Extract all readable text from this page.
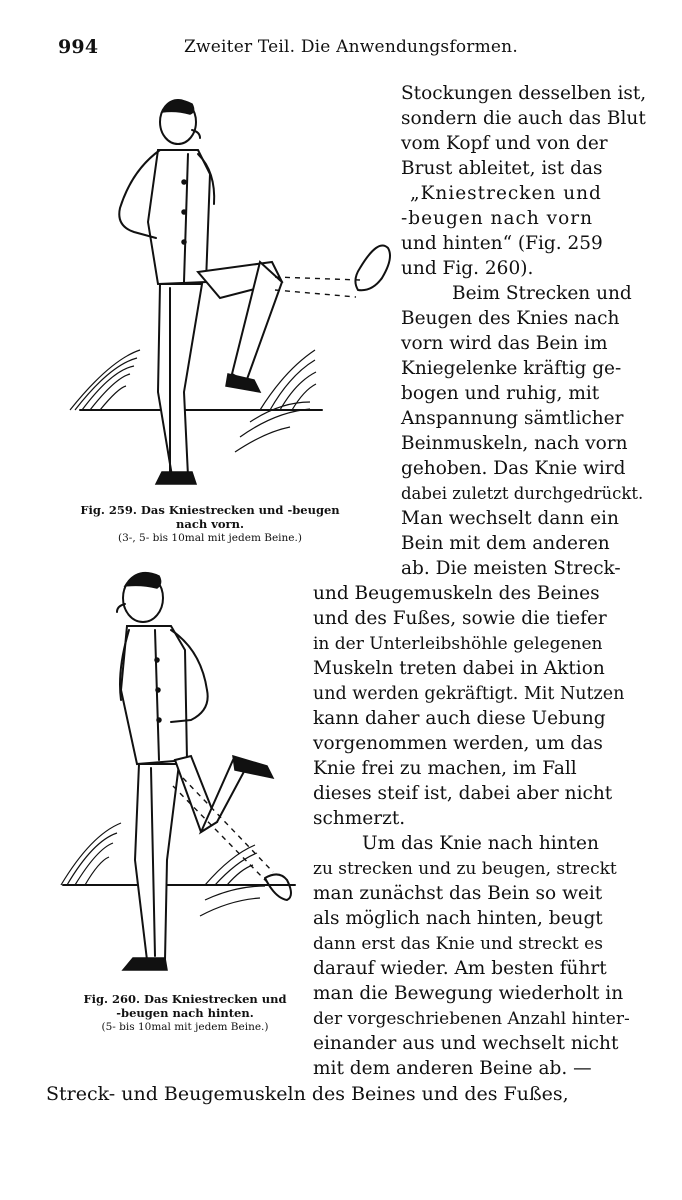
994	Zweiter Teil. Die Anwendungsformen.
Fig. 259. Das Kniestrecken und -beugen
nach vorn.
(3-, 5- bis 10mal mit jedem Beine.)
Fig. 260. Das Kniestrecken und
-beugen nach hinten.
(5- bis 10mal mit jedem Beine.)
Stockungen desselben ist,
sondern die auch das Blut
vom Kopf und von der
Brust ableitet, ist das
„Kniestrecken und
-beugen nach vorn
und hinten“ (Fig. 259
und Fig. 260).
Beim Strecken und
Beugen des Knies nach
vorn wird das Bein im
Kniegelenke kräftig ge-
bogen und ruhig, mit
Anspannung sämtlicher
Beinmuskeln, nach vorn
gehoben. Das Knie wird
dabei zuletzt durchgedrückt.
Man wechselt dann ein
Bein mit dem anderen
ab. Die meisten Streck-
und Beugemuskeln des Beines
und des Fußes, sowie die tiefer
in der Unterleibshöhle gelegenen
Muskeln treten dabei in Aktion
und werden gekräftigt. Mit Nutzen
kann daher auch diese Uebung
vorgenommen werden, um das
Knie frei zu machen, im Fall
dieses steif ist, dabei aber nicht
schmerzt.
Um das Knie nach hinten
zu strecken und zu beugen, streckt
man zunächst das Bein so weit
als möglich nach hinten, beugt
dann erst das Knie und streckt es
darauf wieder. Am besten führt
man die Bewegung wiederholt in
der vorgeschriebenen Anzahl hinter-
einander aus und wechselt nicht
mit dem anderen Beine ab. —
Streck- und Beugemuskeln des Beines und des Fußes,
